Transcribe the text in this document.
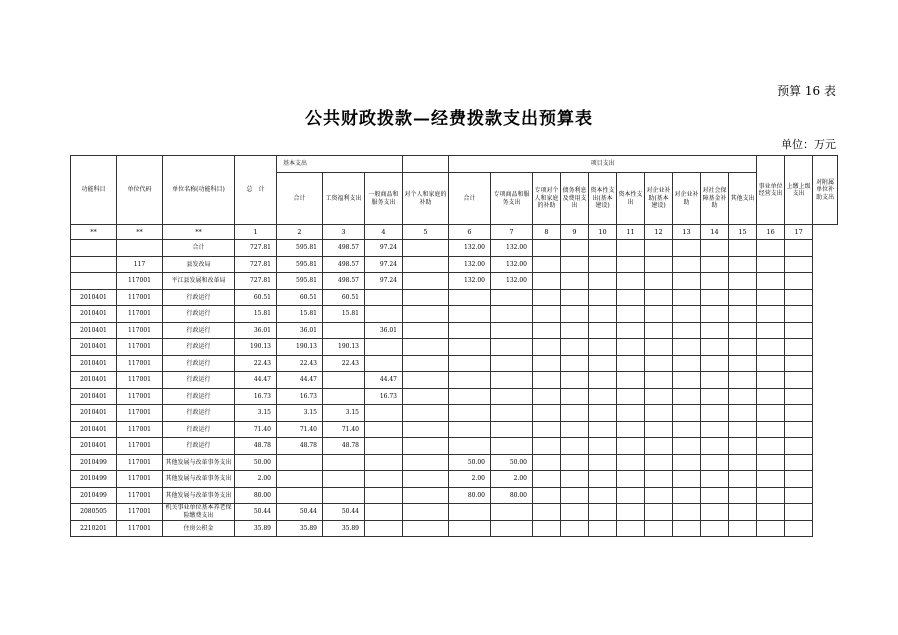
预算 16 表
公共财政拨款—经费拨款支出预算表
单位：万元
功能科目	单位代码	单位名称(功能科目)	总　计	基本支出				项目支出										事业单位经营支出	上缴上级支出	对附属单位补助支出
				合计	工资福利支出	一般商品和服务支出	对个人和家庭的补助	合计	专项商品和服务支出	专项对个人和家庭的补助	债务利息及费用支出	资本性支出(基本建设)	资本性支出	对企业补助(基本建设)	对企业补助	对社会保障基金补助	其他支出			
**	**	**	1	2	3	4	5	6	7	8	9	10	11	12	13	14	15	16	17	
		合计	727.81	595.81	498.57	97.24		132.00	132.00											
	117	县发改局	727.81	595.81	498.57	97.24		132.00	132.00											
	117001	平江县发展和改革局	727.81	595.81	498.57	97.24		132.00	132.00											
2010401	117001	行政运行	60.51	60.51	60.51															
2010401	117001	行政运行	15.81	15.81	15.81															
2010401	117001	行政运行	36.01	36.01		36.01														
2010401	117001	行政运行	190.13	190.13	190.13															
2010401	117001	行政运行	22.43	22.43	22.43															
2010401	117001	行政运行	44.47	44.47		44.47														
2010401	117001	行政运行	16.73	16.73		16.73														
2010401	117001	行政运行	3.15	3.15	3.15															
2010401	117001	行政运行	71.40	71.40	71.40															
2010401	117001	行政运行	48.78	48.78	48.78															
2010499	117001	其他发展与改革事务支出	50.00					50.00	50.00											
2010499	117001	其他发展与改革事务支出	2.00					2.00	2.00											
2010499	117001	其他发展与改革事务支出	80.00					80.00	80.00											
2080505	117001	机关事业单位基本养老保险缴费支出	50.44	50.44	50.44															
2210201	117001	住房公积金	35.89	35.89	35.89															
